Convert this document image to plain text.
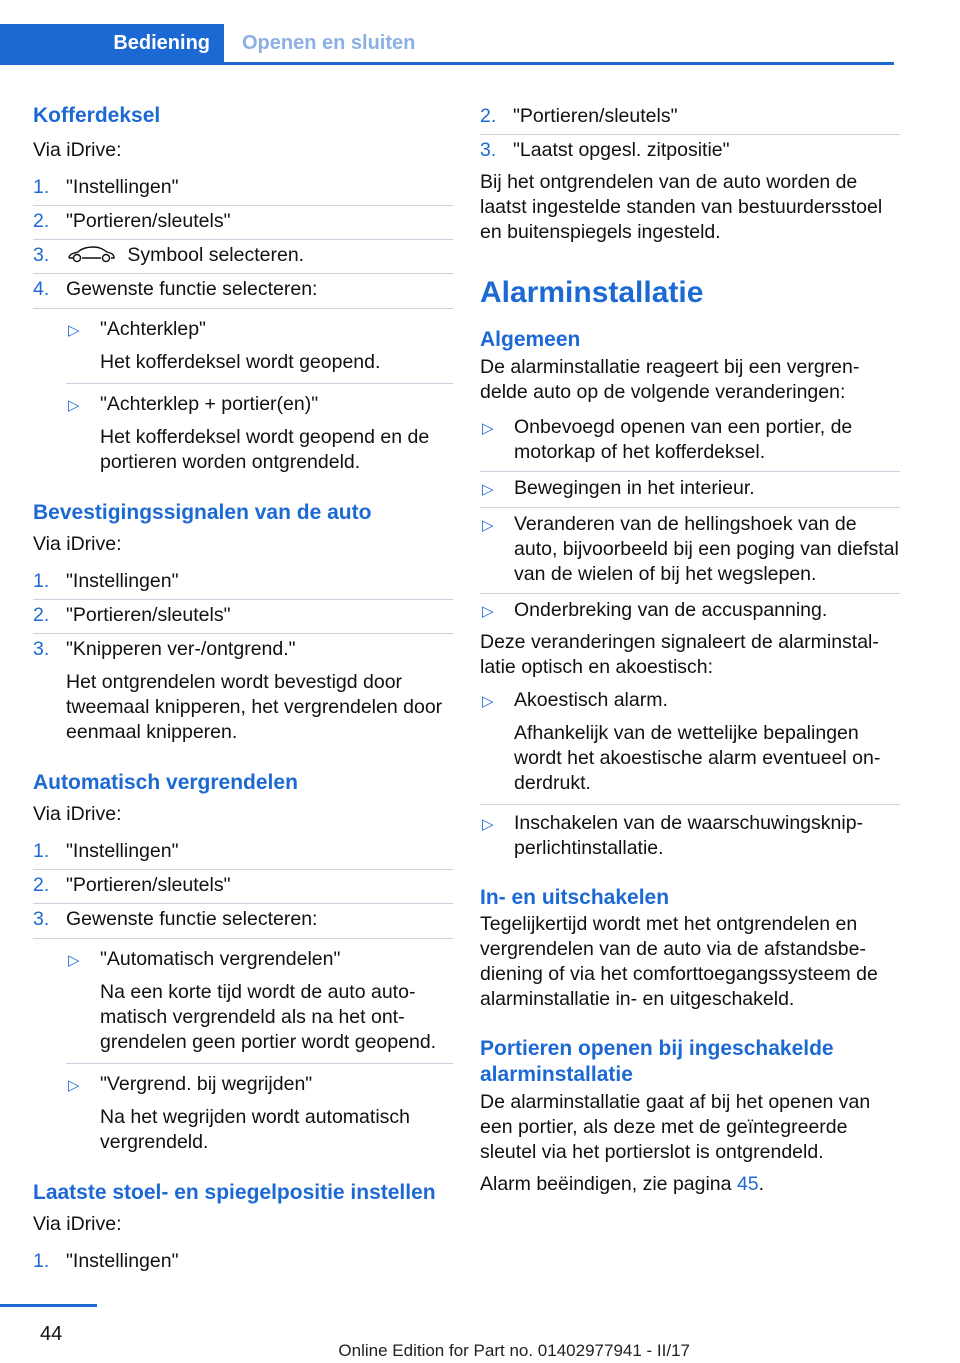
Bediening	Openen en sluiten
Kofferdeksel
Via iDrive:
1. "Instellingen"
2. "Portieren/sleutels"
3.	Symbool selecteren.
4. Gewenste functie selecteren:
▷ "Achterklep"
Het kofferdeksel wordt geopend.
▷ "Achterklep + portier(en)"
Het kofferdeksel wordt geopend en de portieren worden ontgrendeld.
Bevestigingssignalen van de auto
Via iDrive:
1. "Instellingen"
2. "Portieren/sleutels"
3. "Knipperen ver-/ontgrend."
Het ontgrendelen wordt bevestigd door tweemaal knipperen, het vergrendelen door eenmaal knipperen.
Automatisch vergrendelen
Via iDrive:
1. "Instellingen"
2. "Portieren/sleutels"
3. Gewenste functie selecteren:
▷ "Automatisch vergrendelen"
Na een korte tijd wordt de auto automatisch vergrendeld als na het ontgrendelen geen portier wordt geopend.
▷ "Vergrend. bij wegrijden"
Na het wegrijden wordt automatisch vergrendeld.
Laatste stoel- en spiegelpositie instellen
Via iDrive:
1. "Instellingen"
2. "Portieren/sleutels"
3. "Laatst opgesl. zitpositie"
Bij het ontgrendelen van de auto worden de laatst ingestelde standen van bestuurdersstoel en buitenspiegels ingesteld.
Alarminstallatie
Algemeen
De alarminstallatie reageert bij een vergrendelde auto op de volgende veranderingen:
▷ Onbevoegd openen van een portier, de motorkap of het kofferdeksel.
▷ Bewegingen in het interieur.
▷ Veranderen van de hellingshoek van de auto, bijvoorbeeld bij een poging van diefstal van de wielen of bij het wegslepen.
▷ Onderbreking van de accuspanning.
Deze veranderingen signaleert de alarminstallatie optisch en akoestisch:
▷ Akoestisch alarm.
Afhankelijk van de wettelijke bepalingen wordt het akoestische alarm eventueel onderdrukt.
▷ Inschakelen van de waarschuwingsknipperlichtinstallatie.
In- en uitschakelen
Tegelijkertijd wordt met het ontgrendelen en vergrendelen van de auto via de afstandsbediening of via het comforttoegangssysteem de alarminstallatie in- en uitgeschakeld.
Portieren openen bij ingeschakelde alarminstallatie
De alarminstallatie gaat af bij het openen van een portier, als deze met de geïntegreerde sleutel via het portierslot is ontgrendeld.
Alarm beëindigen, zie pagina 45.
44
Online Edition for Part no. 01402977941 - II/17
